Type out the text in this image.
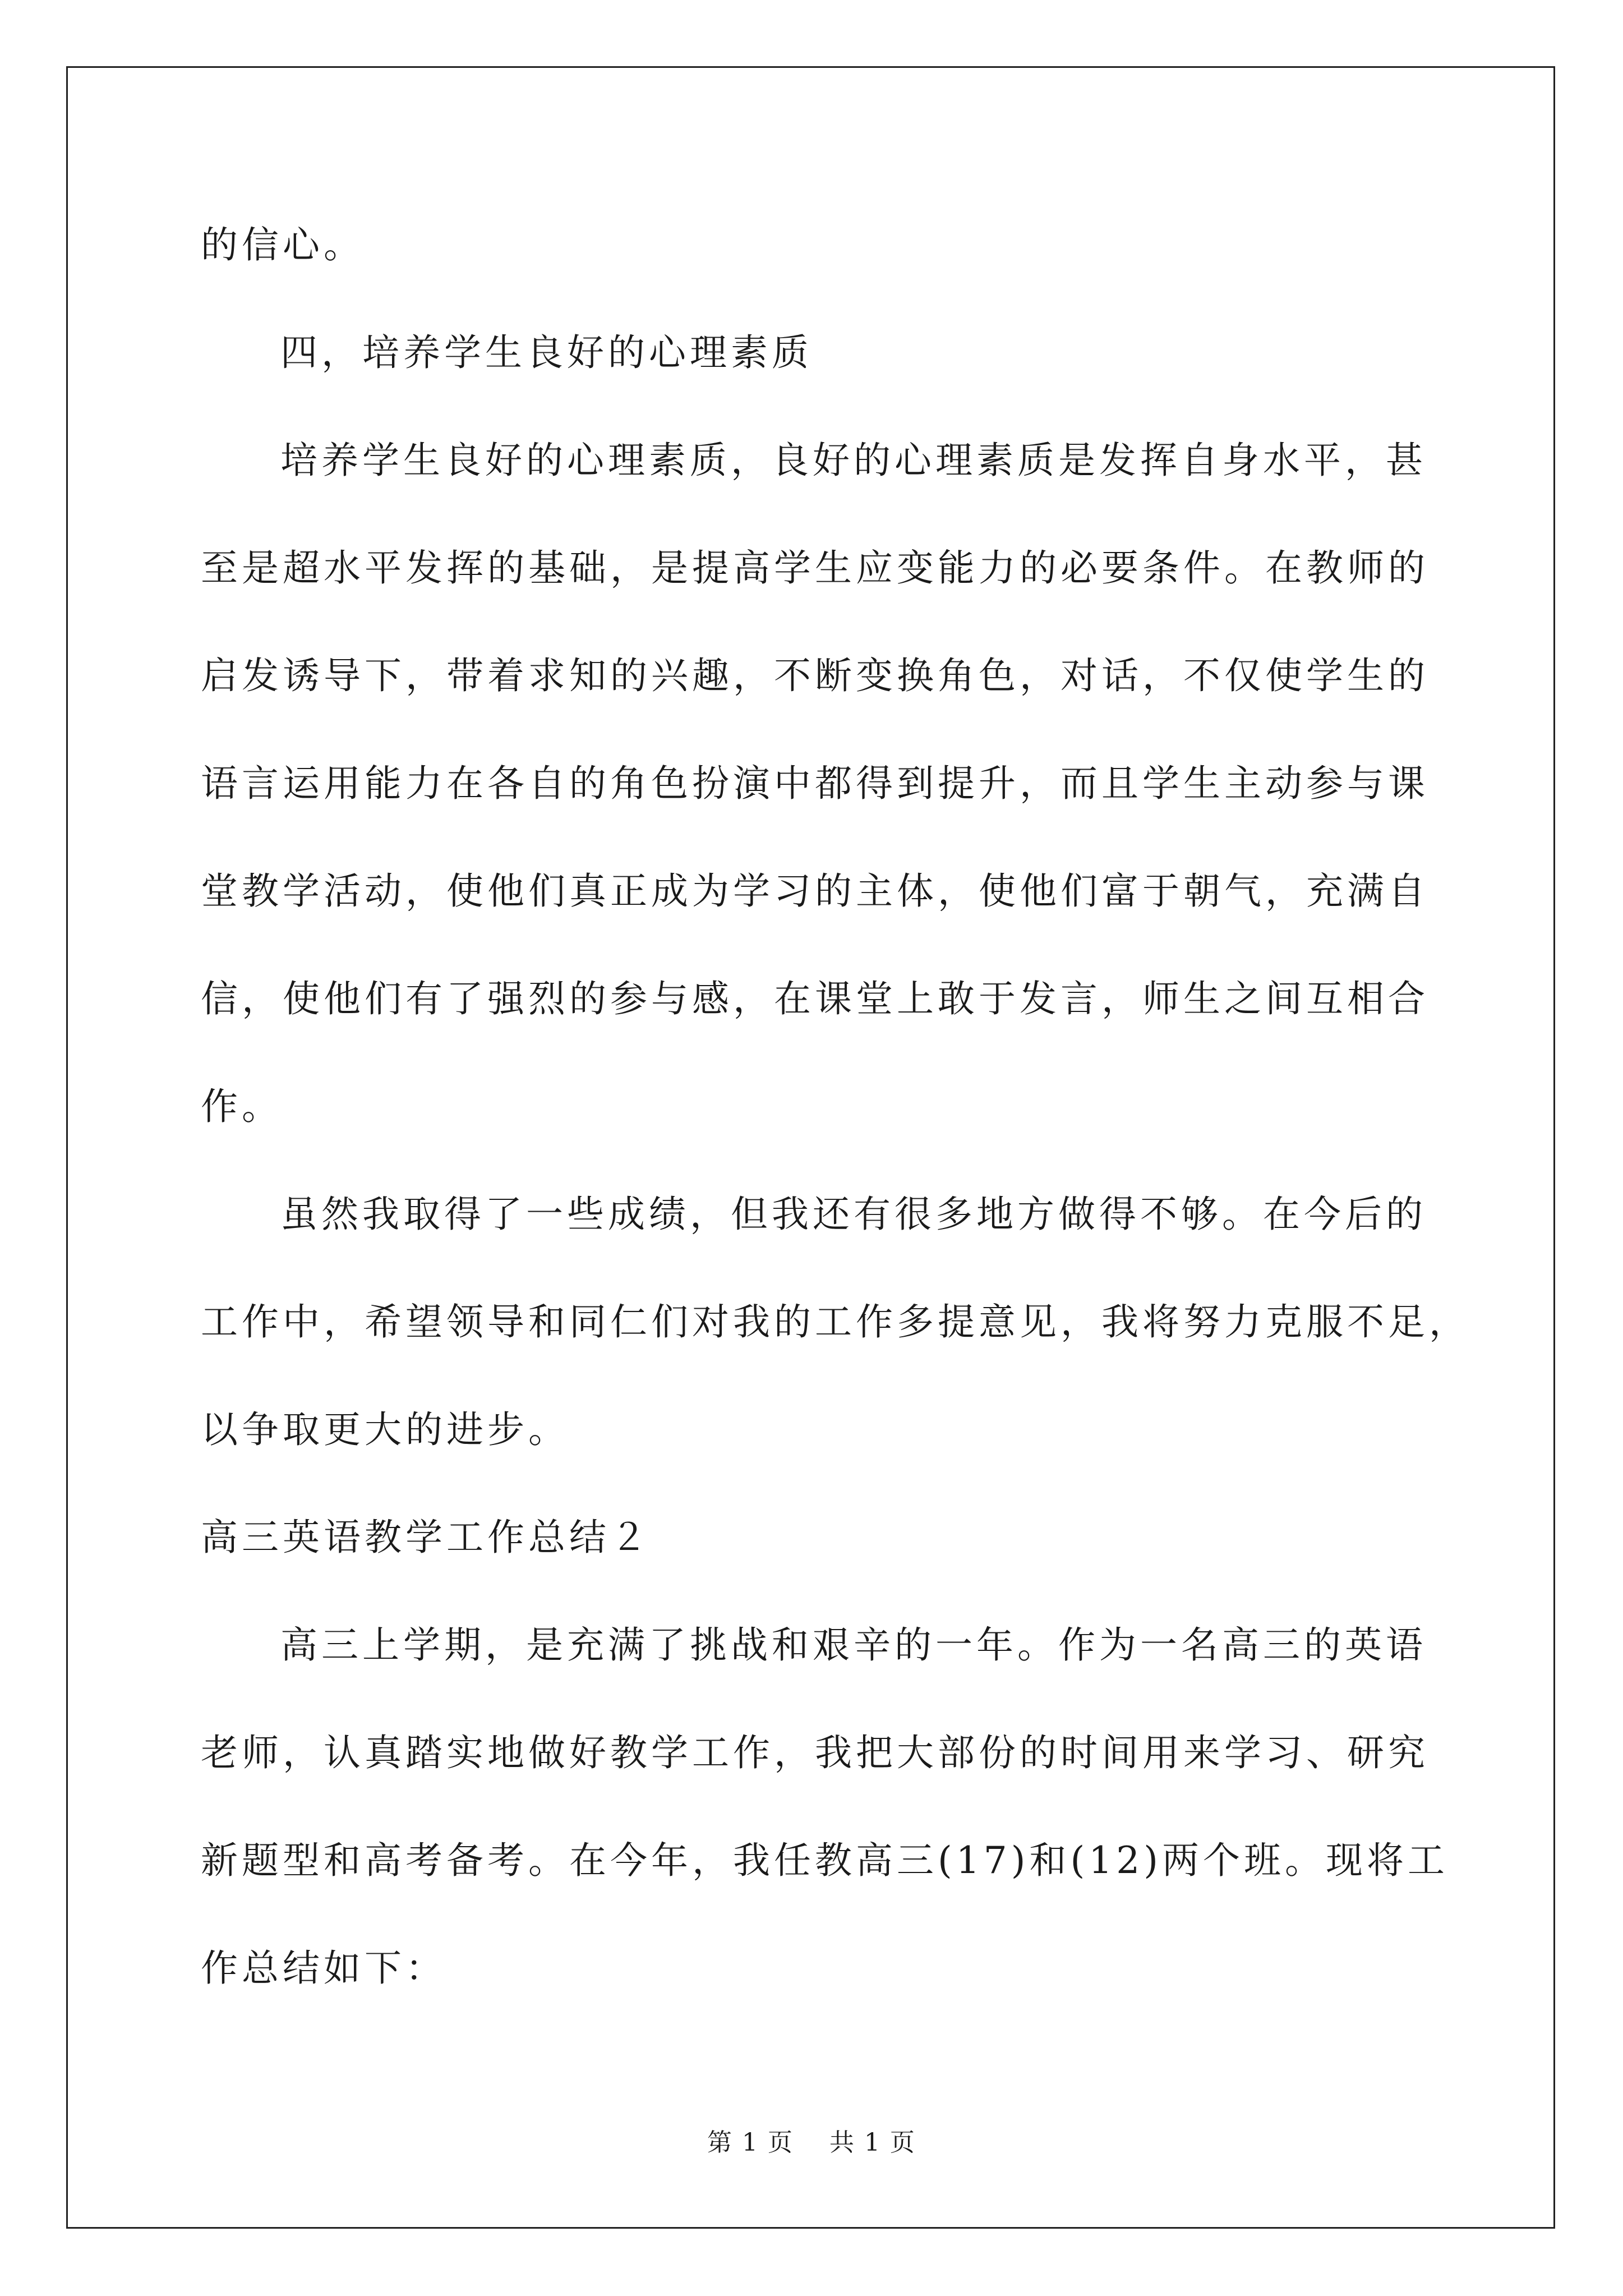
的信心。
四，培养学生良好的心理素质
培养学生良好的心理素质，良好的心理素质是发挥自身水平，甚
至是超水平发挥的基础，是提高学生应变能力的必要条件。在教师的
启发诱导下，带着求知的兴趣，不断变换角色，对话，不仅使学生的
语言运用能力在各自的角色扮演中都得到提升，而且学生主动参与课
堂教学活动，使他们真正成为学习的主体，使他们富于朝气，充满自
信，使他们有了强烈的参与感，在课堂上敢于发言，师生之间互相合
作。
虽然我取得了一些成绩，但我还有很多地方做得不够。在今后的
工作中，希望领导和同仁们对我的工作多提意见，我将努力克服不足，
以争取更大的进步。
高三英语教学工作总结２
高三上学期，是充满了挑战和艰辛的一年。作为一名高三的英语
老师，认真踏实地做好教学工作，我把大部份的时间用来学习、研究
新题型和高考备考。在今年，我任教高三(17)和(12)两个班。现将工
作总结如下：
第 1 页    共 1 页
